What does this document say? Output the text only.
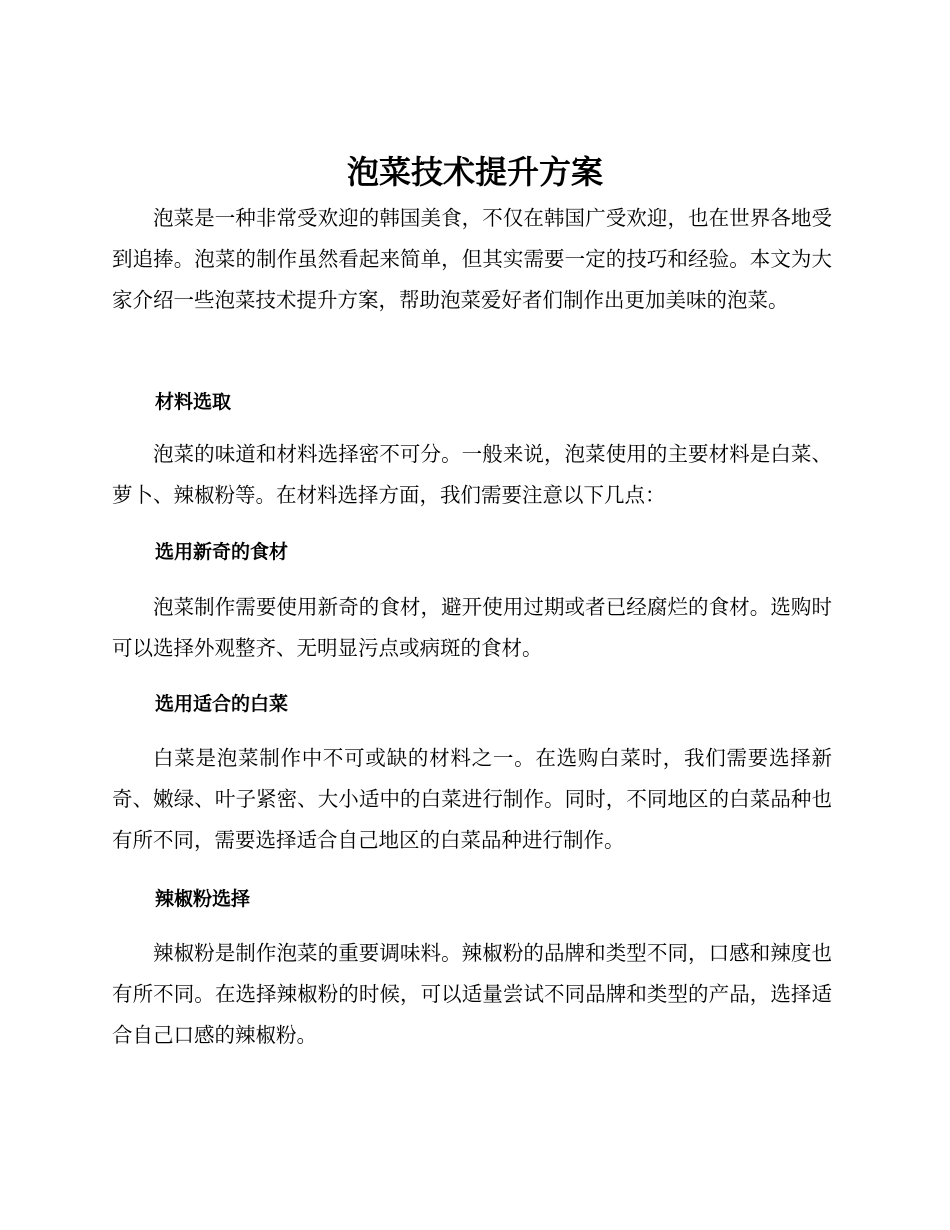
泡菜技术提升方案

泡菜是一种非常受欢迎的韩国美食，不仅在韩国广受欢迎，也在世界各地受到追捧。泡菜的制作虽然看起来简单，但其实需要一定的技巧和经验。本文为大家介绍一些泡菜技术提升方案，帮助泡菜爱好者们制作出更加美味的泡菜。

材料选取

泡菜的味道和材料选择密不可分。一般来说，泡菜使用的主要材料是白菜、萝卜、辣椒粉等。在材料选择方面，我们需要注意以下几点：

选用新奇的食材

泡菜制作需要使用新奇的食材，避开使用过期或者已经腐烂的食材。选购时可以选择外观整齐、无明显污点或病斑的食材。

选用适合的白菜

白菜是泡菜制作中不可或缺的材料之一。在选购白菜时，我们需要选择新奇、嫩绿、叶子紧密、大小适中的白菜进行制作。同时，不同地区的白菜品种也有所不同，需要选择适合自己地区的白菜品种进行制作。

辣椒粉选择

辣椒粉是制作泡菜的重要调味料。辣椒粉的品牌和类型不同，口感和辣度也有所不同。在选择辣椒粉的时候，可以适量尝试不同品牌和类型的产品，选择适合自己口感的辣椒粉。
